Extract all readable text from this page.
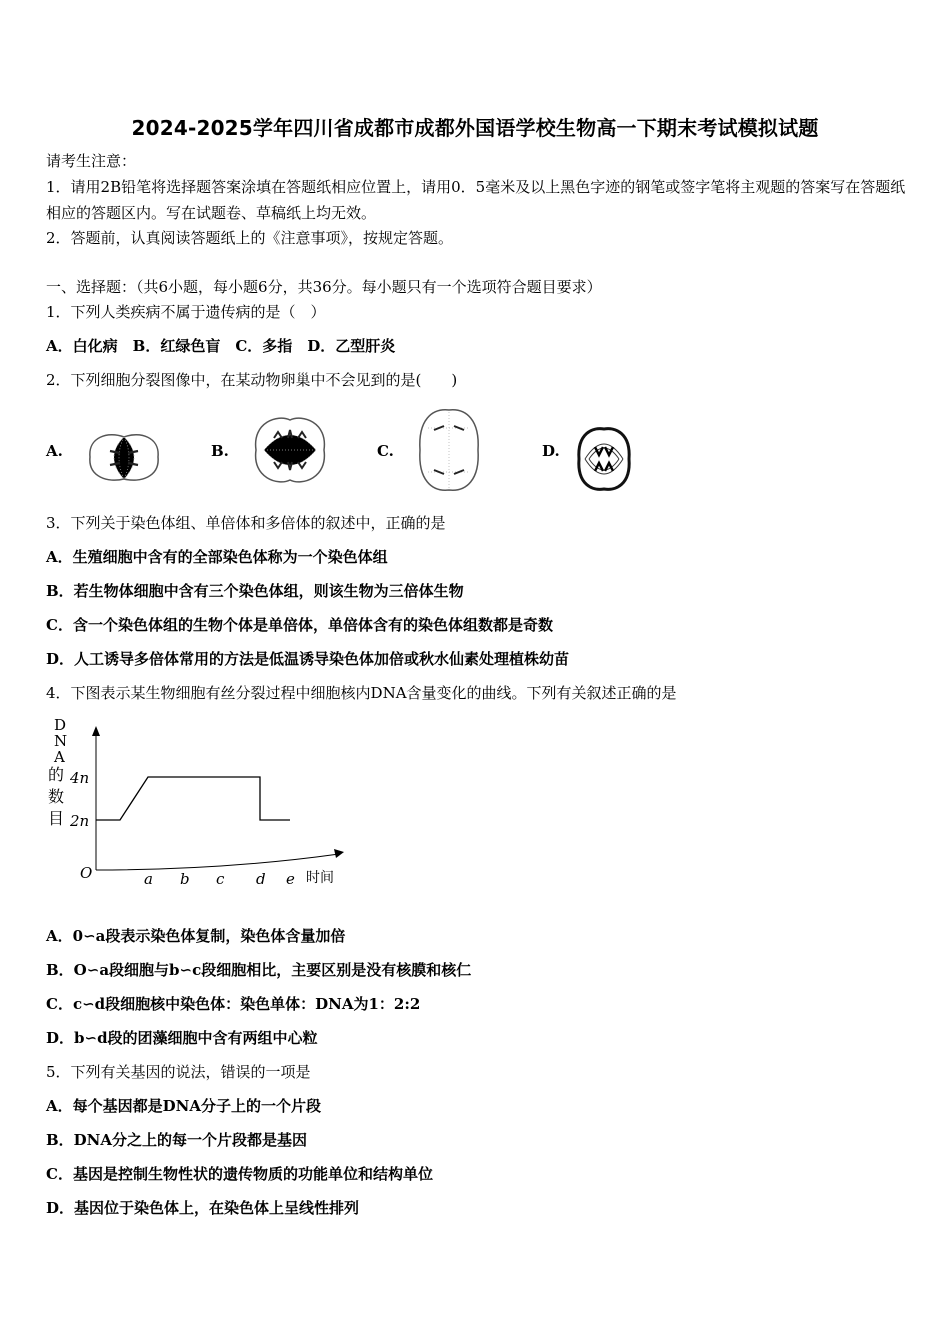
2024-2025学年四川省成都市成都外国语学校生物高一下期末考试模拟试题
请考生注意：
1．请用2B铅笔将选择题答案涂填在答题纸相应位置上，请用0．5毫米及以上黑色字迹的钢笔或签字笔将主观题的答案写在答题纸相应的答题区内。写在试题卷、草稿纸上均无效。
2．答题前，认真阅读答题纸上的《注意事项》，按规定答题。
一、选择题：（共6小题，每小题6分，共36分。每小题只有一个选项符合题目要求）
1．下列人类疾病不属于遗传病的是（　）
A．白化病　B．红绿色盲　C．多指　D．乙型肝炎
2．下列细胞分裂图像中，在某动物卵巢中不会见到的是(　　)
A.	B.	C.	D.
3．下列关于染色体组、单倍体和多倍体的叙述中，正确的是
A．生殖细胞中含有的全部染色体称为一个染色体组
B．若生物体细胞中含有三个染色体组，则该生物为三倍体生物
C．含一个染色体组的生物个体是单倍体，单倍体含有的染色体组数都是奇数
D．人工诱导多倍体常用的方法是低温诱导染色体加倍或秋水仙素处理植株幼苗
4．下图表示某生物细胞有丝分裂过程中细胞核内DNA含量变化的曲线。下列有关叙述正确的是
D
N
A
4n
2n
O	a b c d e 时间
的
数
目
A．0∽a段表示染色体复制，染色体含量加倍
B．O∽a段细胞与b∽c段细胞相比，主要区别是没有核膜和核仁
C．c∽d段细胞核中染色体：染色单体：DNA为1：2:2
D．b∽d段的团藻细胞中含有两组中心粒
5．下列有关基因的说法，错误的一项是
A．每个基因都是DNA分子上的一个片段
B．DNA分之上的每一个片段都是基因
C．基因是控制生物性状的遗传物质的功能单位和结构单位
D．基因位于染色体上，在染色体上呈线性排列
